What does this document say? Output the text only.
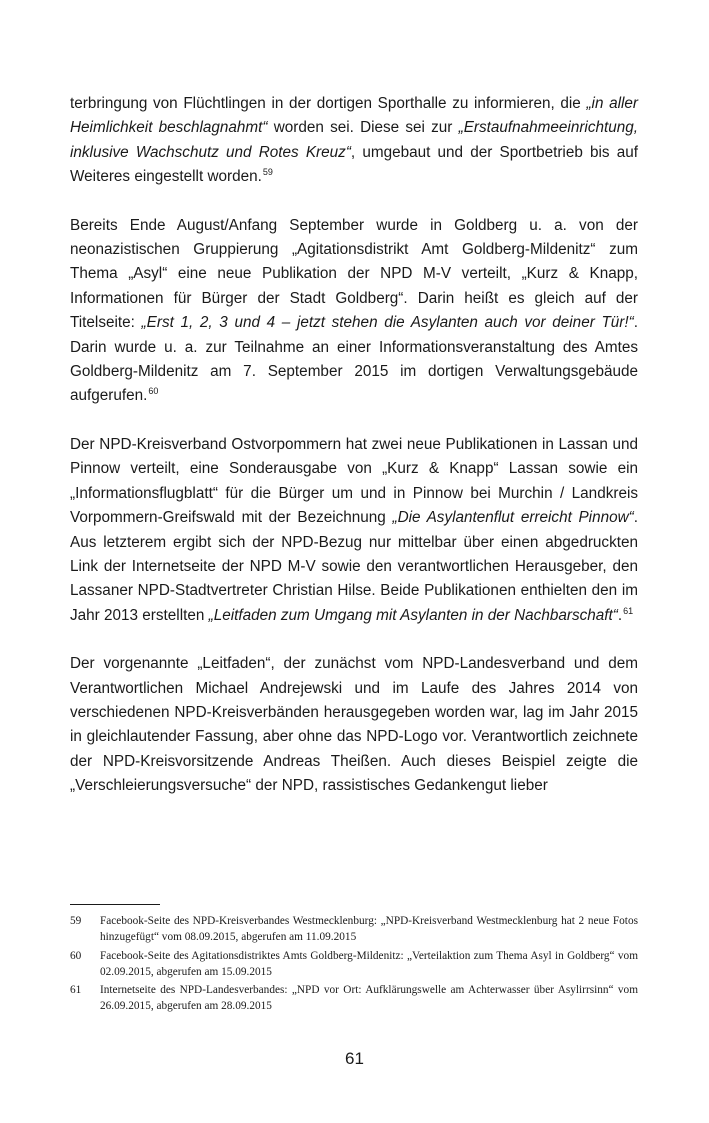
terbringung von Flüchtlingen in der dortigen Sporthalle zu informieren, die „in aller Heimlichkeit beschlagnahmt“ worden sei. Diese sei zur „Erstaufnahmeeinrichtung, inklusive Wachschutz und Rotes Kreuz“, umgebaut und der Sportbetrieb bis auf Weiteres eingestellt worden.$^{59}$

Bereits Ende August/Anfang September wurde in Goldberg u. a. von der neonazistischen Gruppierung „Agitationsdistrikt Amt Goldberg-Mildenitz“ zum Thema „Asyl“ eine neue Publikation der NPD M-V verteilt, „Kurz & Knapp, Informationen für Bürger der Stadt Goldberg“. Darin heißt es gleich auf der Titelseite: „Erst 1, 2, 3 und 4 – jetzt stehen die Asylanten auch vor deiner Tür!“. Darin wurde u. a. zur Teilnahme an einer Informationsveranstaltung des Amtes Goldberg-Mildenitz am 7. September 2015 im dortigen Verwaltungsgebäude aufgerufen.$^{60}$

Der NPD-Kreisverband Ostvorpommern hat zwei neue Publikationen in Lassan und Pinnow verteilt, eine Sonderausgabe von „Kurz & Knapp“ Lassan sowie ein „Informationsflugblatt“ für die Bürger um und in Pinnow bei Murchin / Landkreis Vorpommern-Greifswald mit der Bezeichnung „Die Asylantenflut erreicht Pinnow“. Aus letzterem ergibt sich der NPD-Bezug nur mittelbar über einen abgedruckten Link der Internetseite der NPD M-V sowie den verantwortlichen Herausgeber, den Lassaner NPD-Stadtvertreter Christian Hilse. Beide Publikationen enthielten den im Jahr 2013 erstellten „Leitfaden zum Umgang mit Asylanten in der Nachbarschaft“.$^{61}$

Der vorgenannte „Leitfaden“, der zunächst vom NPD-Landesverband und dem Verantwortlichen Michael Andrejewski und im Laufe des Jahres 2014 von verschiedenen NPD-Kreisverbänden herausgegeben worden war, lag im Jahr 2015 in gleichlautender Fassung, aber ohne das NPD-Logo vor. Verantwortlich zeichnete der NPD-Kreisvorsitzende Andreas Theißen. Auch dieses Beispiel zeigte die „Verschleierungsversuche“ der NPD, rassistisches Gedankengut lieber

59	Facebook-Seite des NPD-Kreisverbandes Westmecklenburg: „NPD-Kreisverband Westmecklenburg hat 2 neue Fotos hinzugefügt“ vom 08.09.2015, abgerufen am 11.09.2015
60	Facebook-Seite des Agitationsdistriktes Amts Goldberg-Mildenitz: „Verteilaktion zum Thema Asyl in Goldberg“ vom 02.09.2015, abgerufen am 15.09.2015
61	Internetseite des NPD-Landesverbandes: „NPD vor Ort: Aufklärungswelle am Achterwasser über Asylirrsinn“ vom 26.09.2015, abgerufen am 28.09.2015
61
